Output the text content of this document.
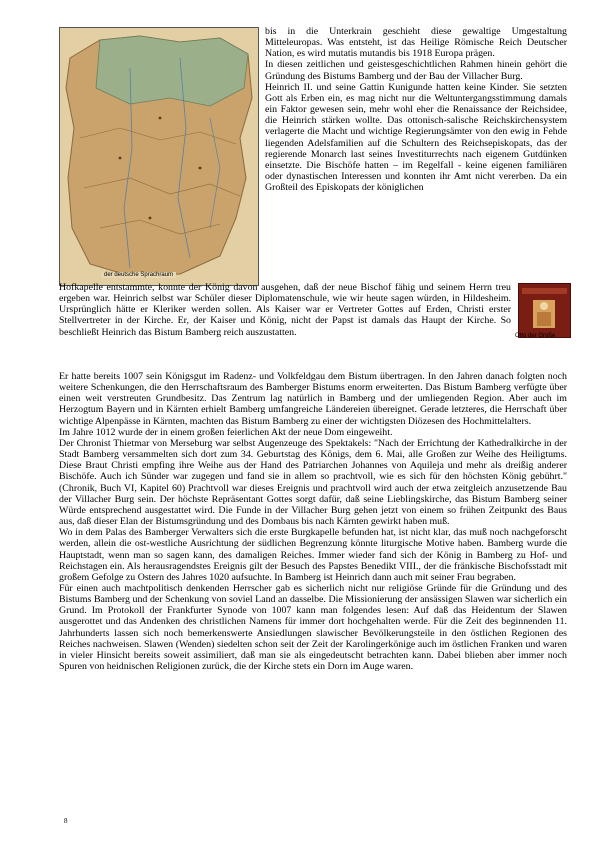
der deutsche Sprachraum
Otto der Große

bis in die Unterkrain geschieht diese gewaltige Umgestaltung Mitteleuropas. Was entsteht, ist das Heilige Römische Reich Deutscher Nation, es wird mutatis mutandis bis 1918 Europa prägen.

In diesen zeitlichen und geistesgeschichtlichen Rahmen hinein gehört die Gründung des Bistums Bamberg und der Bau der Villacher Burg.

Heinrich II. und seine Gattin Kunigunde hatten keine Kinder. Sie setzten Gott als Erben ein, es mag nicht nur die Weltuntergangsstimmung damals ein Faktor gewesen sein, mehr wohl eher die Renaissance der Reichsidee, die Heinrich stärken wollte. Das ottonisch-salische Reichskirchensystem verlagerte die Macht und wichtige Regierungsämter von den ewig in Fehde liegenden Adelsfamilien auf die Schultern des Reichsepiskopats, das der regierende Monarch last seines Investiturrechts nach eigenem Gutdünken einsetzte. Die Bischöfe hatten – im Regelfall - keine eigenen familiären oder dynastischen Interessen und konnten ihr Amt nicht vererben. Da ein Großteil des Episkopats der königlichen

Hofkapelle entstammte, konnte der König davon ausgehen, daß der neue Bischof fähig und seinem Herrn treu ergeben war. Heinrich selbst war Schüler dieser Diplomatenschule, wie wir heute sagen würden, in Hildesheim. Ursprünglich hätte er Kleriker werden sollen. Als Kaiser war er Vertreter Gottes auf Erden, Christi erster Stellvertreter in der Kirche. Er, der Kaiser und König, nicht der Papst ist damals das Haupt der Kirche. So beschließt Heinrich das Bistum Bamberg reich auszustatten.

Er hatte bereits 1007 sein Königsgut im Radenz- und Volkfeldgau dem Bistum übertragen. In den Jahren danach folgten noch weitere Schenkungen, die den Herrschaftsraum des Bamberger Bistums enorm erweiterten. Das Bistum Bamberg verfügte über einen weit verstreuten Grundbesitz. Das Zentrum lag natürlich in Bamberg und der umliegenden Region. Aber auch im Herzogtum Bayern und in Kärnten erhielt Bamberg umfangreiche Ländereien übereignet. Gerade letzteres, die Herrschaft über wichtige Alpenpässe in Kärnten, machten das Bistum Bamberg zu einer der wichtigsten Diözesen des Hochmittelalters.

Im Jahre 1012 wurde der in einem großen feierlichen Akt der neue Dom eingeweiht.

Der Chronist Thietmar von Merseburg war selbst Augenzeuge des Spektakels: "Nach der Errichtung der Kathedralkirche in der Stadt Bamberg versammelten sich dort zum 34. Geburtstag des Königs, dem 6. Mai, alle Großen zur Weihe des Heiligtums. Diese Braut Christi empfing ihre Weihe aus der Hand des Patriarchen Johannes von Aquileja und mehr als dreißig anderer Bischöfe. Auch ich Sünder war zugegen und fand sie in allem so prachtvoll, wie es sich für den höchsten König gebührt." (Chronik, Buch VI, Kapitel 60) Prachtvoll war dieses Ereignis und prachtvoll wird auch der etwa zeitgleich anzusetzende Bau der Villacher Burg sein. Der höchste Repräsentant Gottes sorgt dafür, daß seine Lieblingskirche, das Bistum Bamberg seiner Würde entsprechend ausgestattet wird. Die Funde in der Villacher Burg gehen jetzt von einem so frühen Zeitpunkt des Baus aus, daß dieser Elan der Bistumsgründung und des Dombaus bis nach Kärnten gewirkt haben muß.

Wo in dem Palas des Bamberger Verwalters sich die erste Burgkapelle befunden hat, ist nicht klar, das muß noch nachgeforscht werden, allein die ost-westliche Ausrichtung der südlichen Begrenzung könnte liturgische Motive haben. Bamberg wurde die Hauptstadt, wenn man so sagen kann, des damaligen Reiches. Immer wieder fand sich der König in Bamberg zu Hof- und Reichstagen ein. Als herausragendstes Ereignis gilt der Besuch des Papstes Benedikt VIII., der die fränkische Bischofsstadt mit großem Gefolge zu Ostern des Jahres 1020 aufsuchte. In Bamberg ist Heinrich dann auch mit seiner Frau begraben.

Für einen auch machtpolitisch denkenden Herrscher gab es sicherlich nicht nur religiöse Gründe für die Gründung und des Bistums Bamberg und der Schenkung von soviel Land an dasselbe. Die Missionierung der ansässigen Slawen war sicherlich ein Grund. Im Protokoll der Frankfurter Synode von 1007 kann man folgendes lesen: Auf daß das Heidentum der Slawen ausgerottet und das Andenken des christlichen Namens für immer dort hochgehalten werde. Für die Zeit des beginnenden 11. Jahrhunderts lassen sich noch bemerkenswerte Ansiedlungen slawischer Bevölkerungsteile in den östlichen Regionen des Reiches nachweisen. Slawen (Wenden) siedelten schon seit der Zeit der Karolingerkönige auch im östlichen Franken und waren in vieler Hinsicht bereits soweit assimiliert, daß man sie als eingedeutscht betrachten kann. Dabei blieben aber immer noch Spuren von heidnischen Religionen zurück, die der Kirche stets ein Dorn im Auge waren.

8
